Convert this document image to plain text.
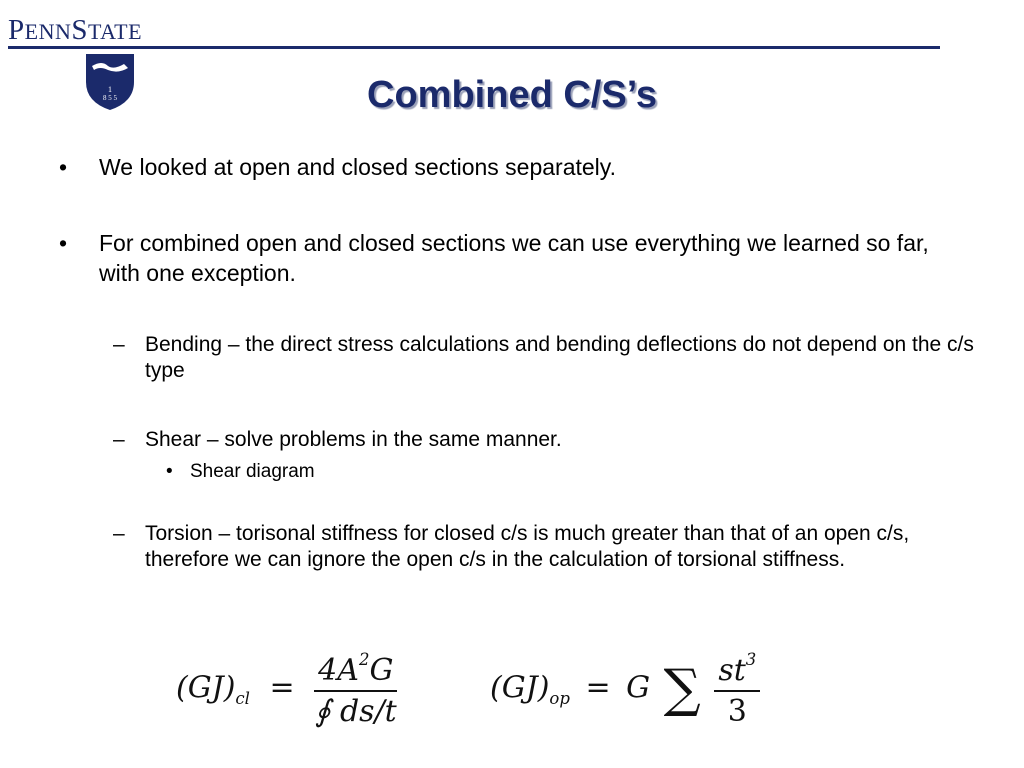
PENNSTATE
1
8 5 5	Combined C/S’s
• We looked at open and closed sections separately.
• For combined open and closed sections we can use everything we learned so far, with one exception.
– Bending – the direct stress calculations and bending deflections do not depend on the c/s type
– Shear – solve problems in the same manner.
• Shear diagram
– Torsion – torisonal stiffness for closed c/s is much greater than that of an open c/s, therefore we can ignore the open c/s in the calculation of torsional stiffness.
$(GJ)_{cl} = \frac{4A^2G}{∮ ds/t}$	$(GJ)_{op} = G$ ∑ $\frac{st^3}{3}$
